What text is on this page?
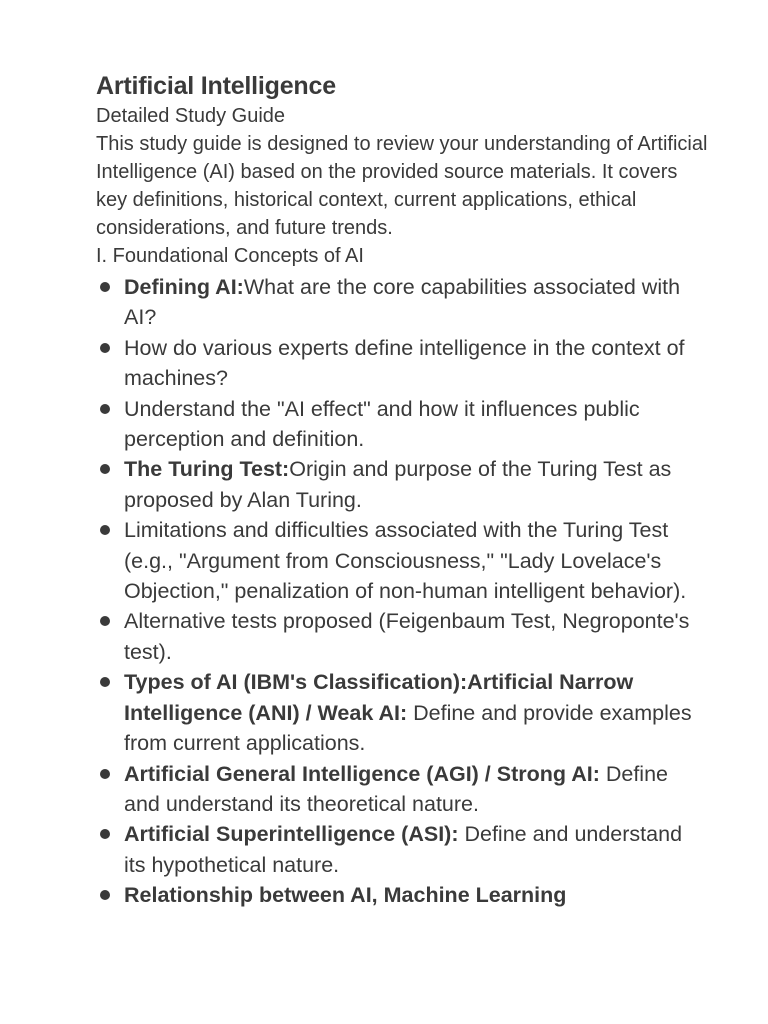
Artificial Intelligence

Detailed Study Guide

This study guide is designed to review your understanding of Artificial Intelligence (AI) based on the provided source materials. It covers key definitions, historical context, current applications, ethical considerations, and future trends.

I. Foundational Concepts of AI

Defining AI:What are the core capabilities associated with AI?
How do various experts define intelligence in the context of machines?
Understand the "AI effect" and how it influences public perception and definition.
The Turing Test:Origin and purpose of the Turing Test as proposed by Alan Turing.
Limitations and difficulties associated with the Turing Test (e.g., "Argument from Consciousness," "Lady Lovelace's Objection," penalization of non-human intelligent behavior).
Alternative tests proposed (Feigenbaum Test, Negroponte's test).
Types of AI (IBM's Classification):Artificial Narrow Intelligence (ANI) / Weak AI: Define and provide examples from current applications.
Artificial General Intelligence (AGI) / Strong AI: Define and understand its theoretical nature.
Artificial Superintelligence (ASI): Define and understand its hypothetical nature.
Relationship between AI, Machine Learning
